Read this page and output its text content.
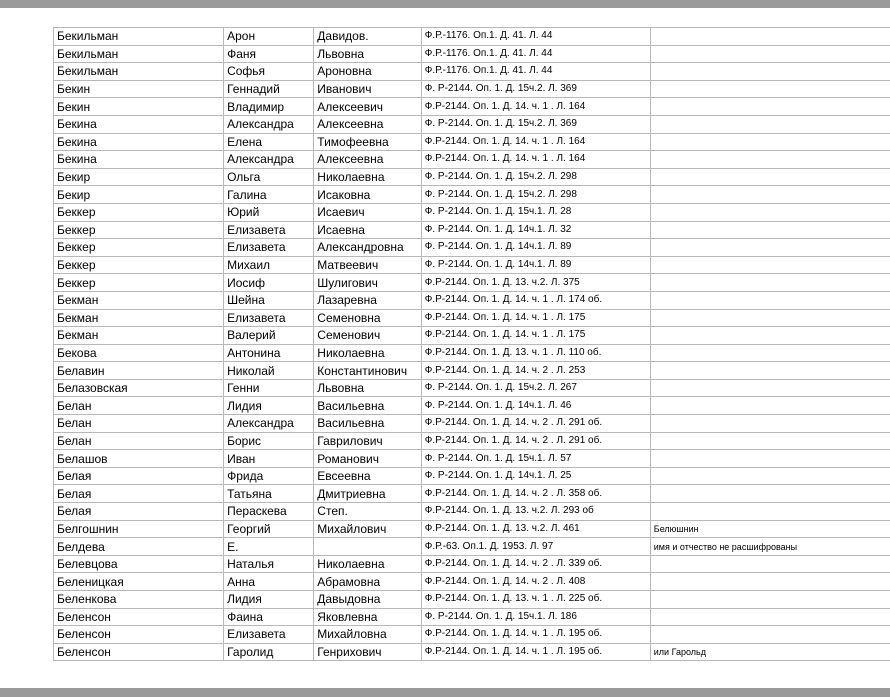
Бекильман	Арон	Давидов.	Ф.Р.-1176. Оп.1. Д. 41. Л. 44	
Бекильман	Фаня	Львовна	Ф.Р.-1176. Оп.1. Д. 41. Л. 44	
Бекильман	Софья	Ароновна	Ф.Р.-1176. Оп.1. Д. 41. Л. 44	
Бекин	Геннадий	Иванович	Ф. Р-2144. Оп. 1. Д. 15ч.2. Л. 369	
Бекин	Владимир	Алексеевич	Ф.Р-2144. Оп. 1. Д. 14. ч. 1 . Л. 164	
Бекина	Александра	Алексеевна	Ф. Р-2144. Оп. 1. Д. 15ч.2. Л. 369	
Бекина	Елена	Тимофеевна	Ф.Р-2144. Оп. 1. Д. 14. ч. 1 . Л. 164	
Бекина	Александра	Алексеевна	Ф.Р-2144. Оп. 1. Д. 14. ч. 1 . Л. 164	
Бекир	Ольга	Николаевна	Ф. Р-2144. Оп. 1. Д. 15ч.2. Л. 298	
Бекир	Галина	Исаковна	Ф. Р-2144. Оп. 1. Д. 15ч.2. Л. 298	
Беккер	Юрий	Исаевич	Ф. Р-2144. Оп. 1. Д. 15ч.1. Л. 28	
Беккер	Елизавета	Исаевна	Ф. Р-2144. Оп. 1. Д. 14ч.1. Л. 32	
Беккер	Елизавета	Александровна	Ф. Р-2144. Оп. 1. Д. 14ч.1. Л. 89	
Беккер	Михаил	Матвеевич	Ф. Р-2144. Оп. 1. Д. 14ч.1. Л. 89	
Беккер	Иосиф	Шулигович	Ф.Р-2144. Оп. 1. Д. 13. ч.2. Л. 375	
Бекман	Шейна	Лазаревна	Ф.Р-2144. Оп. 1. Д. 14. ч. 1 . Л. 174 об.	
Бекман	Елизавета	Семеновна	Ф.Р-2144. Оп. 1. Д. 14. ч. 1 . Л. 175	
Бекман	Валерий	Семенович	Ф.Р-2144. Оп. 1. Д. 14. ч. 1 . Л. 175	
Бекова	Антонина	Николаевна	Ф.Р-2144. Оп. 1. Д. 13. ч. 1 . Л. 110 об.	
Белавин	Николай	Константинович	Ф.Р-2144. Оп. 1. Д. 14. ч. 2 . Л. 253	
Белазовская	Генни	Львовна	Ф. Р-2144. Оп. 1. Д. 15ч.2. Л. 267	
Белан	Лидия	Васильевна	Ф. Р-2144. Оп. 1. Д. 14ч.1. Л. 46	
Белан	Александра	Васильевна	Ф.Р-2144. Оп. 1. Д. 14. ч. 2 . Л. 291 об.	
Белан	Борис	Гаврилович	Ф.Р-2144. Оп. 1. Д. 14. ч. 2 . Л. 291 об.	
Белашов	Иван	Романович	Ф. Р-2144. Оп. 1. Д. 15ч.1. Л. 57	
Белая	Фрида	Евсеевна	Ф. Р-2144. Оп. 1. Д. 14ч.1. Л. 25	
Белая	Татьяна	Дмитриевна	Ф.Р-2144. Оп. 1. Д. 14. ч. 2 . Л. 358 об.	
Белая	Пераскева	Степ.	Ф.Р-2144. Оп. 1. Д. 13. ч.2. Л. 293 об	
Белгошнин	Георгий	Михайлович	Ф.Р-2144. Оп. 1. Д. 13. ч.2. Л. 461	Белюшнин
Белдева	Е.		Ф.Р.-63. Оп.1. Д. 1953. Л. 97	имя и отчество не расшифрованы
Белевцова	Наталья	Николаевна	Ф.Р-2144. Оп. 1. Д. 14. ч. 2 . Л. 339 об.	
Беленицкая	Анна	Абрамовна	Ф.Р-2144. Оп. 1. Д. 14. ч. 2 . Л. 408	
Беленкова	Лидия	Давыдовна	Ф.Р-2144. Оп. 1. Д. 13. ч. 1 . Л. 225 об.	
Беленсон	Фаина	Яковлевна	Ф. Р-2144. Оп. 1. Д. 15ч.1. Л. 186	
Беленсон	Елизавета	Михайловна	Ф.Р-2144. Оп. 1. Д. 14. ч. 1 . Л. 195 об.	
Беленсон	Гаролид	Генрихович	Ф.Р-2144. Оп. 1. Д. 14. ч. 1 . Л. 195 об.	или Гарольд
